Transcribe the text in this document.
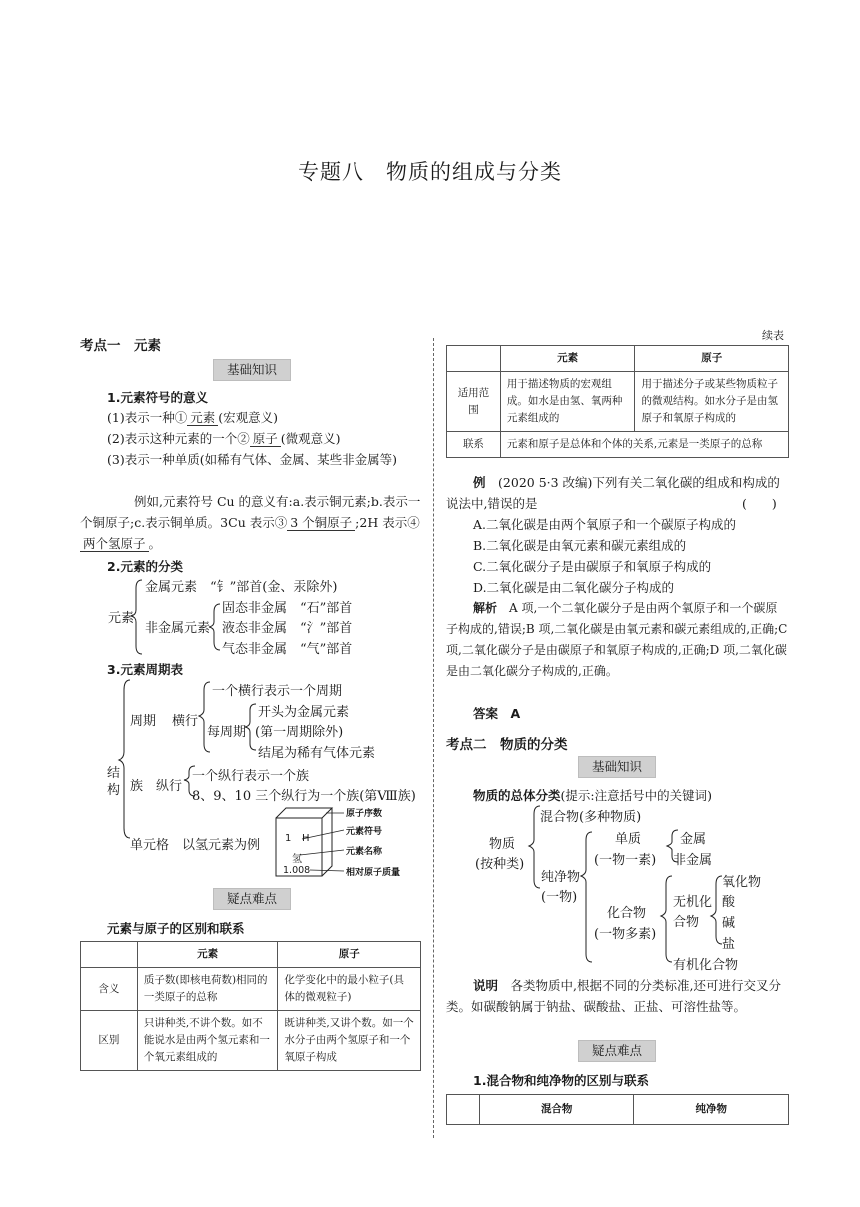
专题八　物质的组成与分类
考点一　元素
基础知识
1.元素符号的意义
(1)表示一种① 元素 (宏观意义)
(2)表示这种元素的一个② 原子 (微观意义)
(3)表示一种单质(如稀有气体、金属、某些非金属等)
例如,元素符号 Cu 的意义有:a.表示铜元素;b.表示一个铜原子;c.表示铜单质。3Cu 表示③ 3 个铜原子 ;2H 表示④两个氢原子 。
2.元素的分类
元素
金属元素　“钅”部首(金、汞除外)
非金属元素
固态非金属　“石”部首
液态非金属　“氵”部首
气态非金属　“气”部首
3.元素周期表
结构
周期 横行
一个横行表示一个周期
每周期
开头为金属元素
(第一周期除外)
结尾为稀有气体元素
族 纵行
一个纵行表示一个族
8、9、10 三个纵行为一个族(第Ⅷ族)
单元格　以氢元素为例 1 H
氢
1.008
原子序数
元素符号
元素名称
相对原子质量
疑点难点
元素与原子的区别和联系
	元素	原子
含义	质子数(即核电荷数)相同的一类原子的总称	化学变化中的最小粒子(具体的微观粒子)
区别	只讲种类,不讲个数。如不能说水是由两个氢元素和一个氧元素组成的	既讲种类,又讲个数。如一个水分子由两个氢原子和一个氧原子构成
续表
	元素	原子
适用范围	用于描述物质的宏观组成。如水是由氢、氧两种元素组成的	用于描述分子或某些物质粒子的微观结构。如水分子是由氢原子和氧原子构成的
联系	元素和原子是总体和个体的关系,元素是一类原子的总称	
例　 (2020 5·3 改编)下列有关二氧化碳的组成和构成的说法中,错误的是	(　　)
A.二氧化碳是由两个氧原子和一个碳原子构成的
B.二氧化碳是由氧元素和碳元素组成的
C.二氧化碳分子是由碳原子和氧原子构成的
D.二氧化碳是由二氧化碳分子构成的
解析　 A 项,一个二氧化碳分子是由两个氧原子和一个碳原子构成的,错误;B 项,二氧化碳是由氧元素和碳元素组成的,正确;C 项,二氧化碳分子是由碳原子和氧原子构成的,正确;D 项,二氧化碳是由二氧化碳分子构成的,正确。
答案　 A
考点二　物质的分类
基础知识
物质的总体分类(提示:注意括号中的关键词)
物质
(按种类)
混合物(多种物质)
纯净物
(一物)
单质
(一物一素)
金属
非金属
化合物
(一物多素)
无机化
合物
氧化物
酸
碱
盐
有机化合物
说明　 各类物质中,根据不同的分类标准,还可进行交叉分类。如碳酸钠属于钠盐、碳酸盐、正盐、可溶性盐等。
疑点难点
1.混合物和纯净物的区别与联系
	混合物	纯净物
